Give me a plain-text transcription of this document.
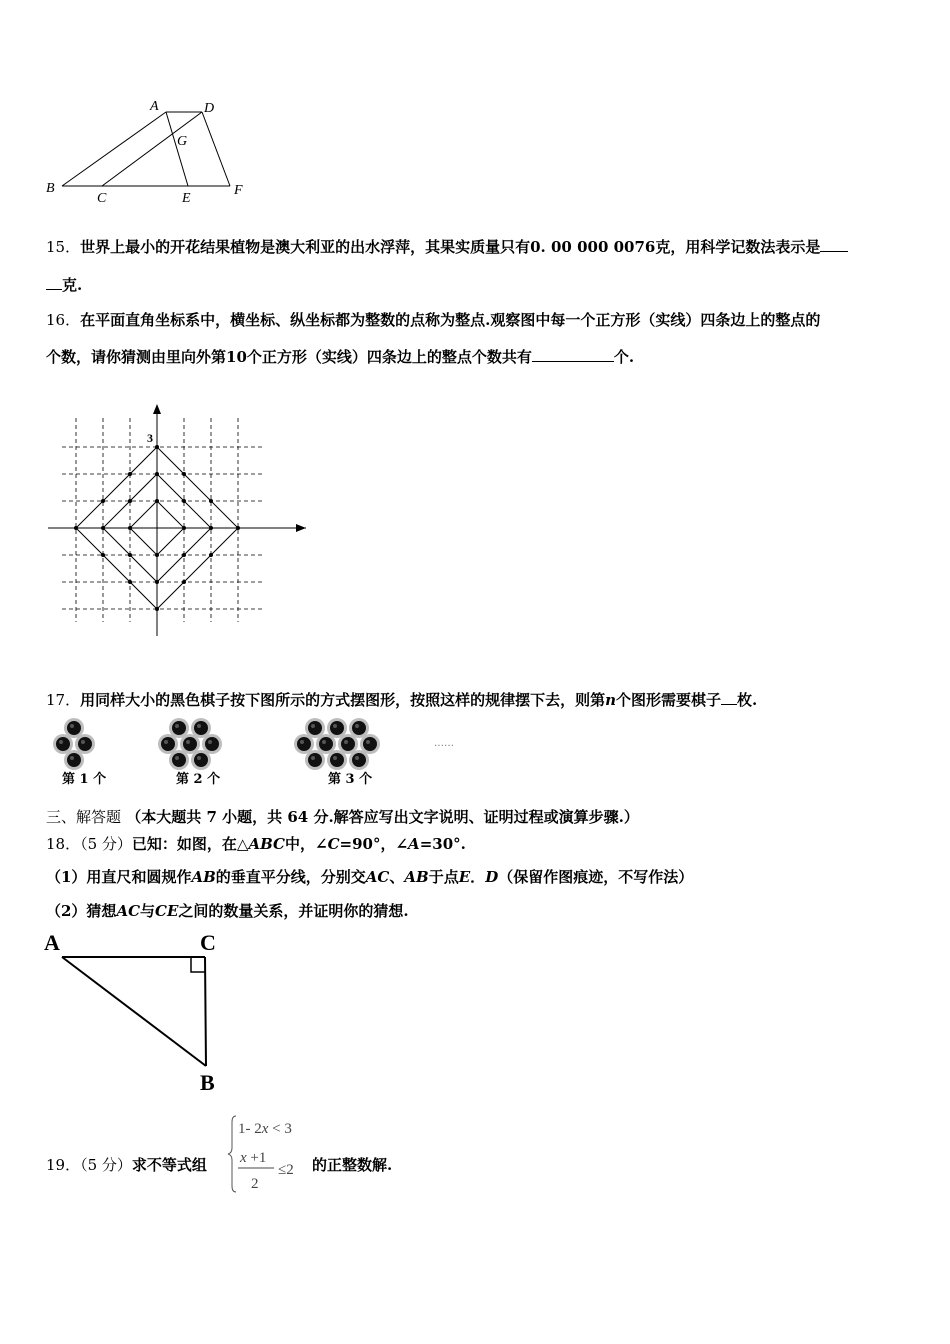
A	D
G
B
C	E
F
15．世界上最小的开花结果植物是澳大利亚的出水浮萍，其果实质量只有0. 00 000 0076克，用科学记数法表示是
克.
16．在平面直角坐标系中，横坐标、纵坐标都为整数的点称为整点.观察图中每一个正方形（实线）四条边上的整点的
个数，请你猜测由里向外第10个正方形（实线）四条边上的整点个数共有	个.
3
17．用同样大小的黑色棋子按下图所示的方式摆图形，按照这样的规律摆下去，则第n个图形需要棋子 枚.
第 1 个	第 2 个	第 3 个
……
三、解答题 （本大题共 7 小题，共 64 分.解答应写出文字说明、证明过程或演算步骤.）
18．（5 分）已知：如图，在△ABC中，∠C=90°，∠A=30°.
（1）用直尺和圆规作AB的垂直平分线，分别交AC、AB于点E．D（保留作图痕迹，不写作法）
（2）猜想AC与CE之间的数量关系，并证明你的猜想.
A	C
B
19．（5 分）求不等式组
1- 2x < 3
x +1
2
≤2 的正整数解.
